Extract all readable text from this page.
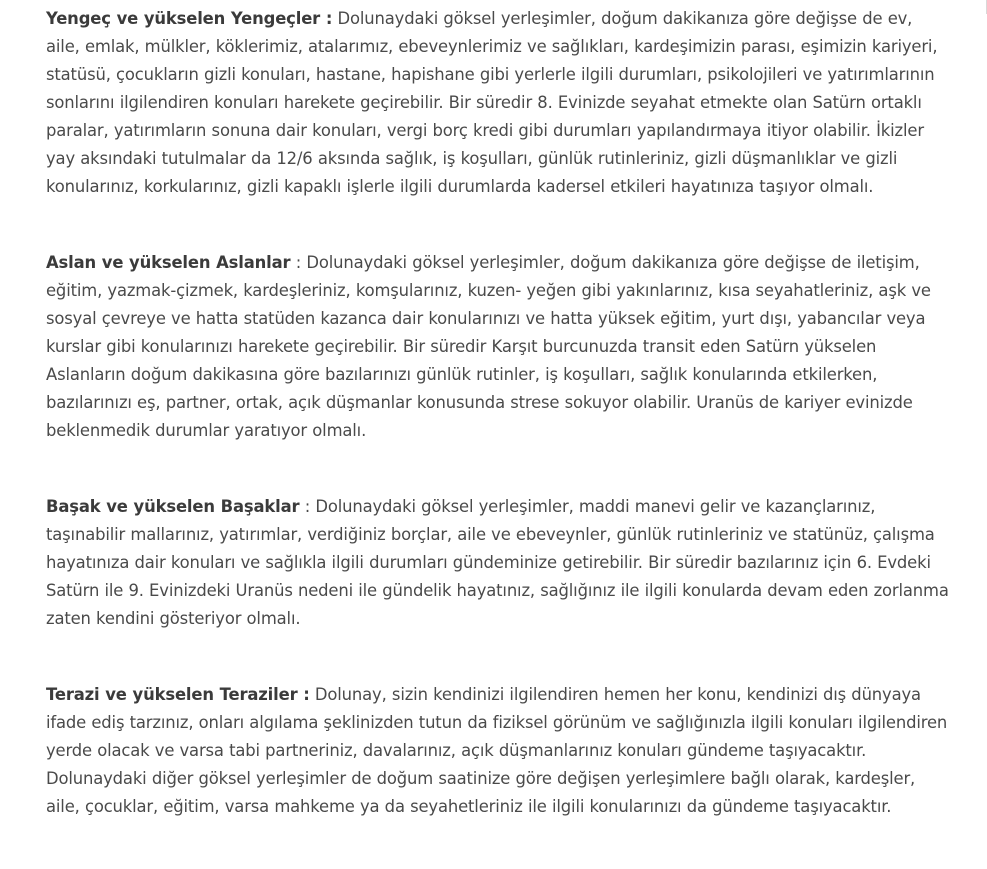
Yengeç ve yükselen Yengeçler : Dolunaydaki göksel yerleşimler, doğum dakikanıza göre değişse de ev, aile, emlak, mülkler, köklerimiz, atalarımız, ebeveynlerimiz ve sağlıkları, kardeşimizin parası, eşimizin kariyeri, statüsü, çocukların gizli konuları, hastane, hapishane gibi yerlerle ilgili durumları, psikolojileri ve yatırımlarının sonlarını ilgilendiren konuları harekete geçirebilir. Bir süredir 8. Evinizde seyahat etmekte olan Satürn ortaklı paralar, yatırımların sonuna dair konuları, vergi borç kredi gibi durumları yapılandırmaya itiyor olabilir. İkizler yay aksındaki tutulmalar da 12/6 aksında sağlık, iş koşulları, günlük rutinleriniz, gizli düşmanlıklar ve gizli konularınız, korkularınız, gizli kapaklı işlerle ilgili durumlarda kadersel etkileri hayatınıza taşıyor olmalı.

Aslan ve yükselen Aslanlar : Dolunaydaki göksel yerleşimler, doğum dakikanıza göre değişse de iletişim, eğitim, yazmak-çizmek, kardeşleriniz, komşularınız, kuzen- yeğen gibi yakınlarınız, kısa seyahatleriniz, aşk ve sosyal çevreye ve hatta statüden kazanca dair konularınızı ve hatta yüksek eğitim, yurt dışı, yabancılar veya kurslar gibi konularınızı harekete geçirebilir. Bir süredir Karşıt burcunuzda transit eden Satürn yükselen Aslanların doğum dakikasına göre bazılarınızı günlük rutinler, iş koşulları, sağlık konularında etkilerken, bazılarınızı eş, partner, ortak, açık düşmanlar konusunda strese sokuyor olabilir. Uranüs de kariyer evinizde beklenmedik durumlar yaratıyor olmalı.

Başak ve yükselen Başaklar : Dolunaydaki göksel yerleşimler, maddi manevi gelir ve kazançlarınız, taşınabilir mallarınız, yatırımlar, verdiğiniz borçlar, aile ve ebeveynler, günlük rutinleriniz ve statünüz, çalışma hayatınıza dair konuları ve sağlıkla ilgili durumları gündeminize getirebilir. Bir süredir bazılarınız için 6. Evdeki Satürn ile 9. Evinizdeki Uranüs nedeni ile gündelik hayatınız, sağlığınız ile ilgili konularda devam eden zorlanma zaten kendini gösteriyor olmalı.

Terazi ve yükselen Teraziler : Dolunay, sizin kendinizi ilgilendiren hemen her konu, kendinizi dış dünyaya ifade ediş tarzınız, onları algılama şeklinizden tutun da fiziksel görünüm ve sağlığınızla ilgili konuları ilgilendiren yerde olacak ve varsa tabi partneriniz, davalarınız, açık düşmanlarınız konuları gündeme taşıyacaktır. Dolunaydaki diğer göksel yerleşimler de doğum saatinize göre değişen yerleşimlere bağlı olarak, kardeşler, aile, çocuklar, eğitim, varsa mahkeme ya da seyahetleriniz ile ilgili konularınızı da gündeme taşıyacaktır.
